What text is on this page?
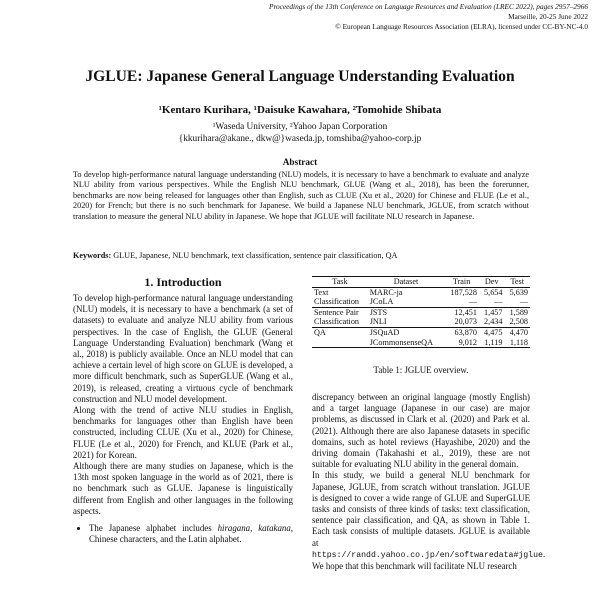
Proceedings of the 13th Conference on Language Resources and Evaluation (LREC 2022), pages 2957–2966
Marseille, 20-25 June 2022
© European Language Resources Association (ELRA), licensed under CC-BY-NC-4.0
JGLUE: Japanese General Language Understanding Evaluation
¹Kentaro Kurihara, ¹Daisuke Kawahara, ²Tomohide Shibata
¹Waseda University, ²Yahoo Japan Corporation
{kkurihara@akane., dkw@}waseda.jp, tomshiba@yahoo-corp.jp
Abstract
To develop high-performance natural language understanding (NLU) models, it is necessary to have a benchmark to evaluate and analyze NLU ability from various perspectives. While the English NLU benchmark, GLUE (Wang et al., 2018), has been the forerunner, benchmarks are now being released for languages other than English, such as CLUE (Xu et al., 2020) for Chinese and FLUE (Le et al., 2020) for French; but there is no such benchmark for Japanese. We build a Japanese NLU benchmark, JGLUE, from scratch without translation to measure the general NLU ability in Japanese. We hope that JGLUE will facilitate NLU research in Japanese.
Keywords: GLUE, Japanese, NLU benchmark, text classification, sentence pair classification, QA
1. Introduction

To develop high-performance natural language understanding (NLU) models, it is necessary to have a benchmark (a set of datasets) to evaluate and analyze NLU ability from various perspectives. In the case of English, the GLUE (General Language Understanding Evaluation) benchmark (Wang et al., 2018) is publicly available. Once an NLU model that can achieve a certain level of high score on GLUE is developed, a more difficult benchmark, such as SuperGLUE (Wang et al., 2019), is released, creating a virtuous cycle of benchmark construction and NLU model development.

Along with the trend of active NLU studies in English, benchmarks for languages other than English have been constructed, including CLUE (Xu et al., 2020) for Chinese, FLUE (Le et al., 2020) for French, and KLUE (Park et al., 2021) for Korean.

Although there are many studies on Japanese, which is the 13th most spoken language in the world as of 2021, there is no benchmark such as GLUE. Japanese is linguistically different from English and other languages in the following aspects.

• The Japanese alphabet includes hiragana, katakana, Chinese characters, and the Latin alphabet.
Task	Dataset	Train	Dev	Test
Text	MARC-ja	187,528	5,654	5,639
Classification	JCoLA	—	—	—
Sentence Pair	JSTS	12,451	1,457	1,589
Classification	JNLI	20,073	2,434	2,508
QA	JSQuAD	63,870	4,475	4,470
	JCommonsenseQA	9,012	1,119	1,118
Table 1: JGLUE overview.

discrepancy between an original language (mostly English) and a target language (Japanese in our case) are major problems, as discussed in Clark et al. (2020) and Park et al. (2021). Although there are also Japanese datasets in specific domains, such as hotel reviews (Hayashibe, 2020) and the driving domain (Takahashi et al., 2019), these are not suitable for evaluating NLU ability in the general domain.

In this study, we build a general NLU benchmark for Japanese, JGLUE, from scratch without translation. JGLUE is designed to cover a wide range of GLUE and SuperGLUE tasks and consists of three kinds of tasks: text classification, sentence pair classification, and QA, as shown in Table 1. Each task consists of multiple datasets. JGLUE is available at https://randd.yahoo.co.jp/en/softwaredata#jglue. We hope that this benchmark will facilitate NLU research
